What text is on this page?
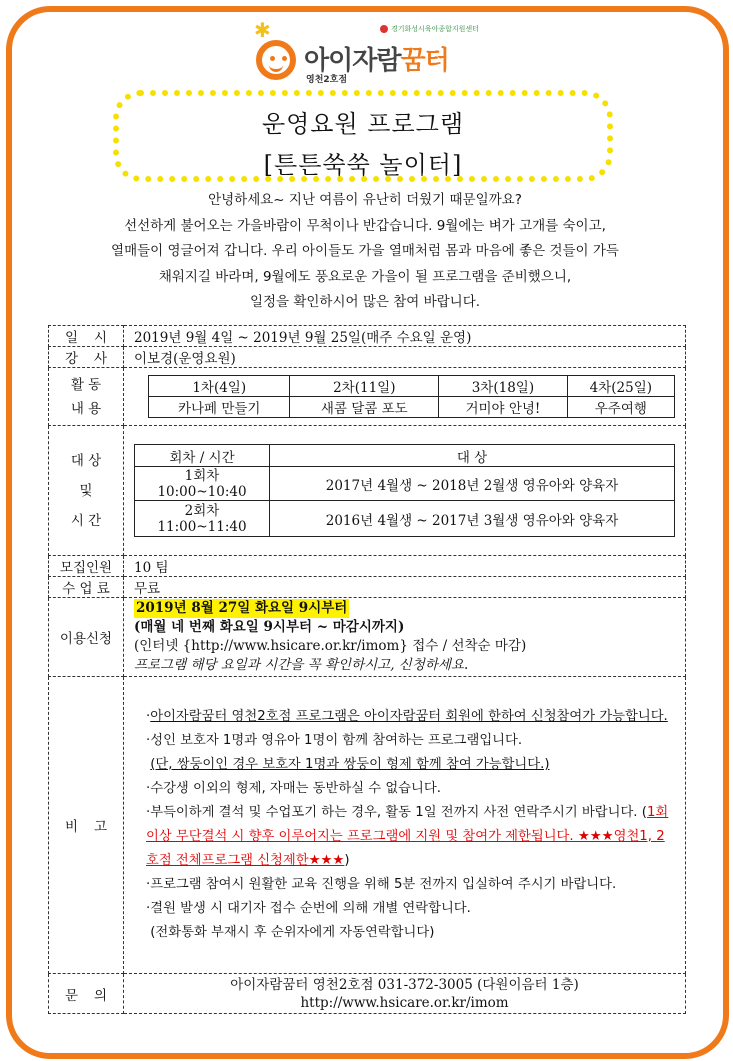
✱	경기화성시육아종합지원센터
아이자람꿈터
영천2호점
운영요원 프로그램
[튼튼쑥쑥 놀이터]
안녕하세요~ 지난 여름이 유난히 더웠기 때문일까요?
선선하게 불어오는 가을바람이 무척이나 반갑습니다. 9월에는 벼가 고개를 숙이고,
열매들이 영글어져 갑니다. 우리 아이들도 가을 열매처럼 몸과 마음에 좋은 것들이 가득
채워지길 바라며, 9월에도 풍요로운 가을이 될 프로그램을 준비했으니,
일정을 확인하시어 많은 참여 바랍니다.
일 시	2019년 9월 4일 ~ 2019년 9월 25일(매주 수요일 운영)

강 사	이보경(운영요원)

활 동
내 용

1차(4일)	2차(11일)	3차(18일)	4차(25일)
카나페 만들기	새콤 달콤 포도	거미야 안녕!	우주여행

대 상
및
시 간

회차 / 시간	대 상

1회차
10:00~10:40	2017년 4월생 ~ 2018년 2월생 영유아와 양육자

2회차
11:00~11:40	2016년 4월생 ~ 2017년 3월생 영유아와 양육자

모집인원	10 팀
수 업 료	무료
이용신청	
2019년 8월 27일 화요일 9시부터
(매월 네 번째 화요일 9시부터 ~ 마감시까지)
(인터넷 {http://www.hsicare.or.kr/imom} 접수 / 선착순 마감)
프로그램 해당 요일과 시간을 꼭 확인하시고, 신청하세요.

비 고

· 아이자람꿈터 영천2호점 프로그램은 아이자람꿈터 회원에 한하여 신청참여가 가능합니다.
· 성인 보호자 1명과 영유아 1명이 함께 참여하는 프로그램입니다.
(단, 쌍둥이인 경우 보호자 1명과 쌍둥이 형제 함께 참여 가능합니다.)
· 수강생 이외의 형제, 자매는 동반하실 수 없습니다.
· 부득이하게 결석 및 수업포기 하는 경우, 활동 1일 전까지 사전 연락주시기 바랍니다. (1회 이상 무단결석 시 향후 이루어지는 프로그램에 지원 및 참여가 제한됩니다. ★★★영천1, 2호점 전체프로그램 신청제한★★★)
· 프로그램 참여시 원활한 교육 진행을 위해 5분 전까지 입실하여 주시기 바랍니다.
· 결원 발생 시 대기자 접수 순번에 의해 개별 연락합니다.
(전화통화 부재시 후 순위자에게 자동연락합니다)

문 의

아이자람꿈터 영천2호점 031-372-3005 (다원이음터 1층)
http://www.hsicare.or.kr/imom
